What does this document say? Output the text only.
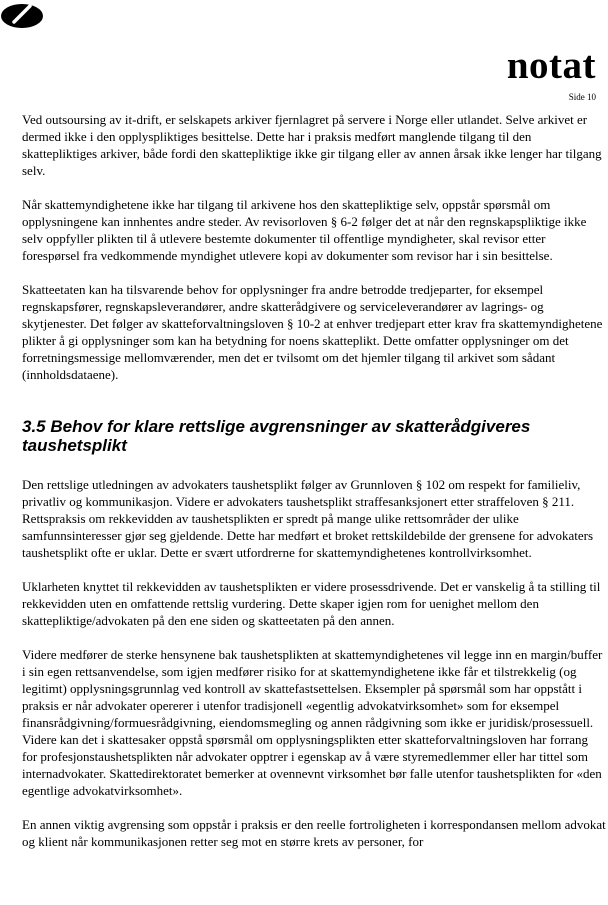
notat
Side 10

Ved outsoursing av it-drift, er selskapets arkiver fjernlagret på servere i Norge eller utlandet. Selve arkivet er dermed ikke i den opplyspliktiges besittelse. Dette har i praksis medført manglende tilgang til den skattepliktiges arkiver, både fordi den skattepliktige ikke gir tilgang eller av annen årsak ikke lenger har tilgang selv.

Når skattemyndighetene ikke har tilgang til arkivene hos den skattepliktige selv, oppstår spørsmål om opplysningene kan innhentes andre steder. Av revisorloven § 6-2 følger det at når den regnskapspliktige ikke selv oppfyller plikten til å utlevere bestemte dokumenter til offentlige myndigheter, skal revisor etter forespørsel fra vedkommende myndighet utlevere kopi av dokumenter som revisor har i sin besittelse.

Skatteetaten kan ha tilsvarende behov for opplysninger fra andre betrodde tredjeparter, for eksempel regnskapsfører, regnskapsleverandører, andre skatterådgivere og serviceleverandører av lagrings- og skytjenester. Det følger av skatteforvaltningsloven § 10-2 at enhver tredjepart etter krav fra skattemyndighetene plikter å gi opplysninger som kan ha betydning for noens skatteplikt. Dette omfatter opplysninger om det forretningsmessige mellomværender, men det er tvilsomt om det hjemler tilgang til arkivet som sådant (innholdsdataene).

3.5 Behov for klare rettslige avgrensninger av skatterådgiveres taushetsplikt

Den rettslige utledningen av advokaters taushetsplikt følger av Grunnloven § 102 om respekt for familieliv, privatliv og kommunikasjon. Videre er advokaters taushetsplikt straffesanksjonert etter straffeloven § 211. Rettspraksis om rekkevidden av taushetsplikten er spredt på mange ulike rettsområder der ulike samfunnsinteresser gjør seg gjeldende. Dette har medført et broket rettskildebilde der grensene for advokaters taushetsplikt ofte er uklar. Dette er svært utfordrerne for skattemyndighetenes kontrollvirksomhet.

Uklarheten knyttet til rekkevidden av taushetsplikten er videre prosessdrivende. Det er vanskelig å ta stilling til rekkevidden uten en omfattende rettslig vurdering. Dette skaper igjen rom for uenighet mellom den skattepliktige/advokaten på den ene siden og skatteetaten på den annen.

Videre medfører de sterke hensynene bak taushetsplikten at skattemyndighetenes vil legge inn en margin/buffer i sin egen rettsanvendelse, som igjen medfører risiko for at skattemyndighetene ikke får et tilstrekkelig (og legitimt) opplysningsgrunnlag ved kontroll av skattefastsettelsen. Eksempler på spørsmål som har oppstått i praksis er når advokater opererer i utenfor tradisjonell «egentlig advokatvirksomhet» som for eksempel finansrådgivning/formuesrådgivning, eiendomsmegling og annen rådgivning som ikke er juridisk/prosessuell. Videre kan det i skattesaker oppstå spørsmål om opplysningsplikten etter skatteforvaltningsloven har forrang for profesjonstaushetsplikten når advokater opptrer i egenskap av å være styremedlemmer eller har tittel som internadvokater. Skattedirektoratet bemerker at ovennevnt virksomhet bør falle utenfor taushetsplikten for «den egentlige advokatvirksomhet».

En annen viktig avgrensing som oppstår i praksis er den reelle fortroligheten i korrespondansen mellom advokat og klient når kommunikasjonen retter seg mot en større krets av personer, for
